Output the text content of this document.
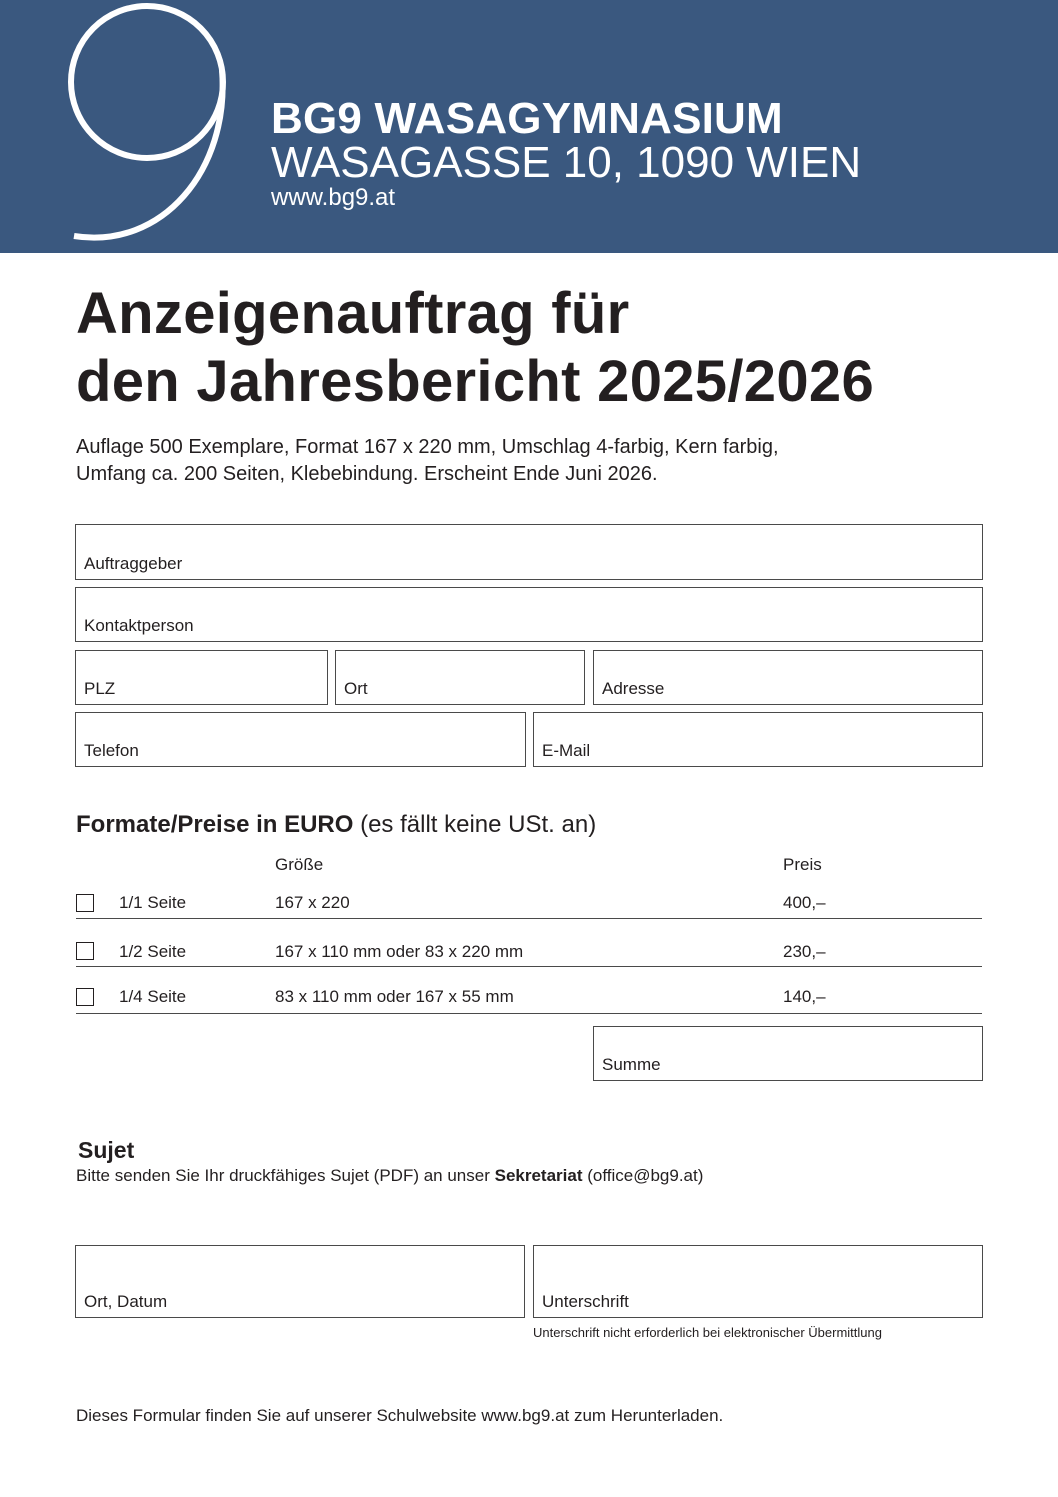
BG9 WASAGYMNASIUM
WASAGASSE 10, 1090 WIEN
www.bg9.at
Anzeigenauftrag für
den Jahresbericht 2025/2026
Auflage 500 Exemplare, Format 167 x 220 mm, Umschlag 4-farbig, Kern farbig,
Umfang ca. 200 Seiten, Klebebindung. Erscheint Ende Juni 2026.
Auftraggeber
Kontaktperson
PLZ	Ort	Adresse
Telefon	E-Mail
Formate/Preise in EURO (es fällt keine USt. an)
Größe	Preis
1/1 Seite	167 x 220	400,–
1/2 Seite	167 x 110 mm oder 83 x 220 mm	230,–
1/4 Seite	83 x 110 mm oder 167 x 55 mm	140,–
Summe
Sujet
Bitte senden Sie Ihr druckfähiges Sujet (PDF) an unser Sekretariat (office@bg9.at)
Ort, Datum	Unterschrift
Unterschrift nicht erforderlich bei elektronischer Übermittlung
Dieses Formular finden Sie auf unserer Schulwebsite www.bg9.at zum Herunterladen.
